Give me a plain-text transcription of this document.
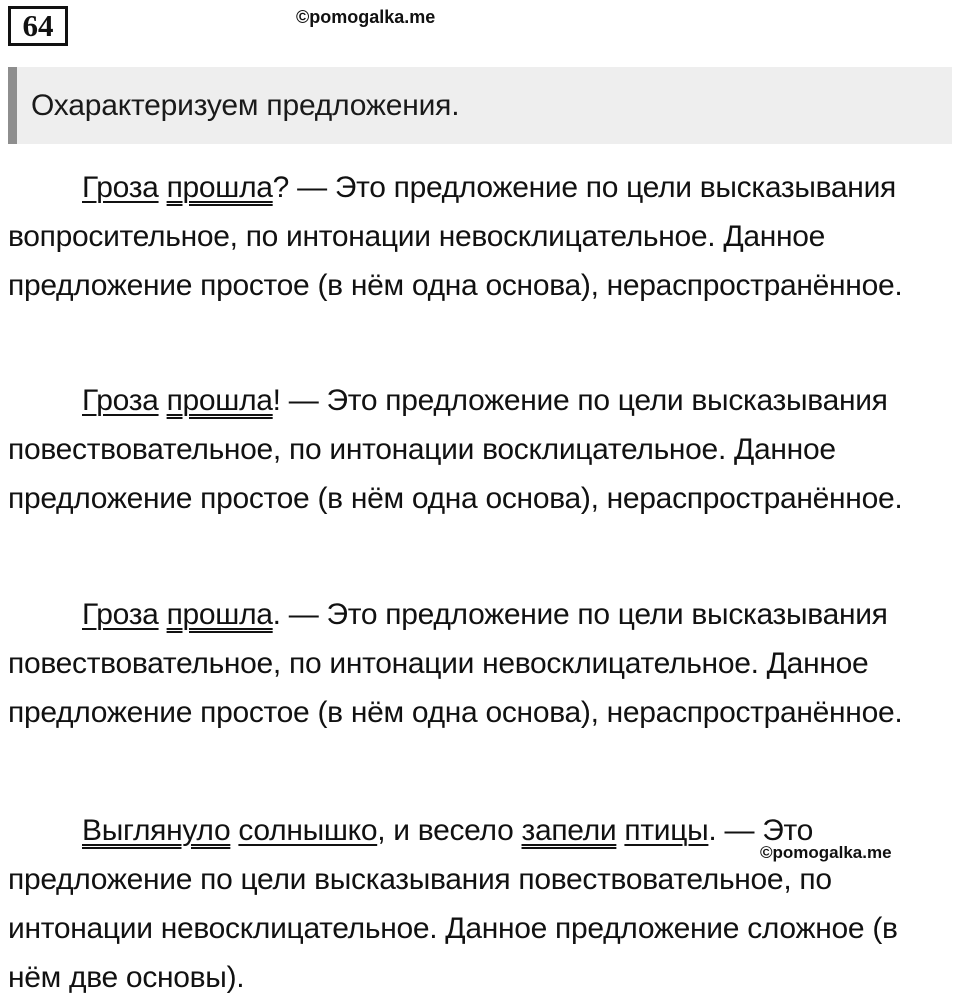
64	©pomogalka.me
Охарактеризуем предложения.

Гроза прошла? — Это предложение по цели высказывания вопросительное, по интонации невосклицательное. Данное предложение простое (в нём одна основа), нераспространённое.

Гроза прошла! — Это предложение по цели высказывания повествовательное, по интонации восклицательное. Данное предложение простое (в нём одна основа), нераспространённое.

Гроза прошла. — Это предложение по цели высказывания повествовательное, по интонации невосклицательное. Данное предложение простое (в нём одна основа), нераспространённое.

Выглянуло солнышко, и весело запели птицы. — Это предложение по цели высказывания повествовательное, по интонации невосклицательное. Данное предложение сложное (в нём две основы).

©pomogalka.me
